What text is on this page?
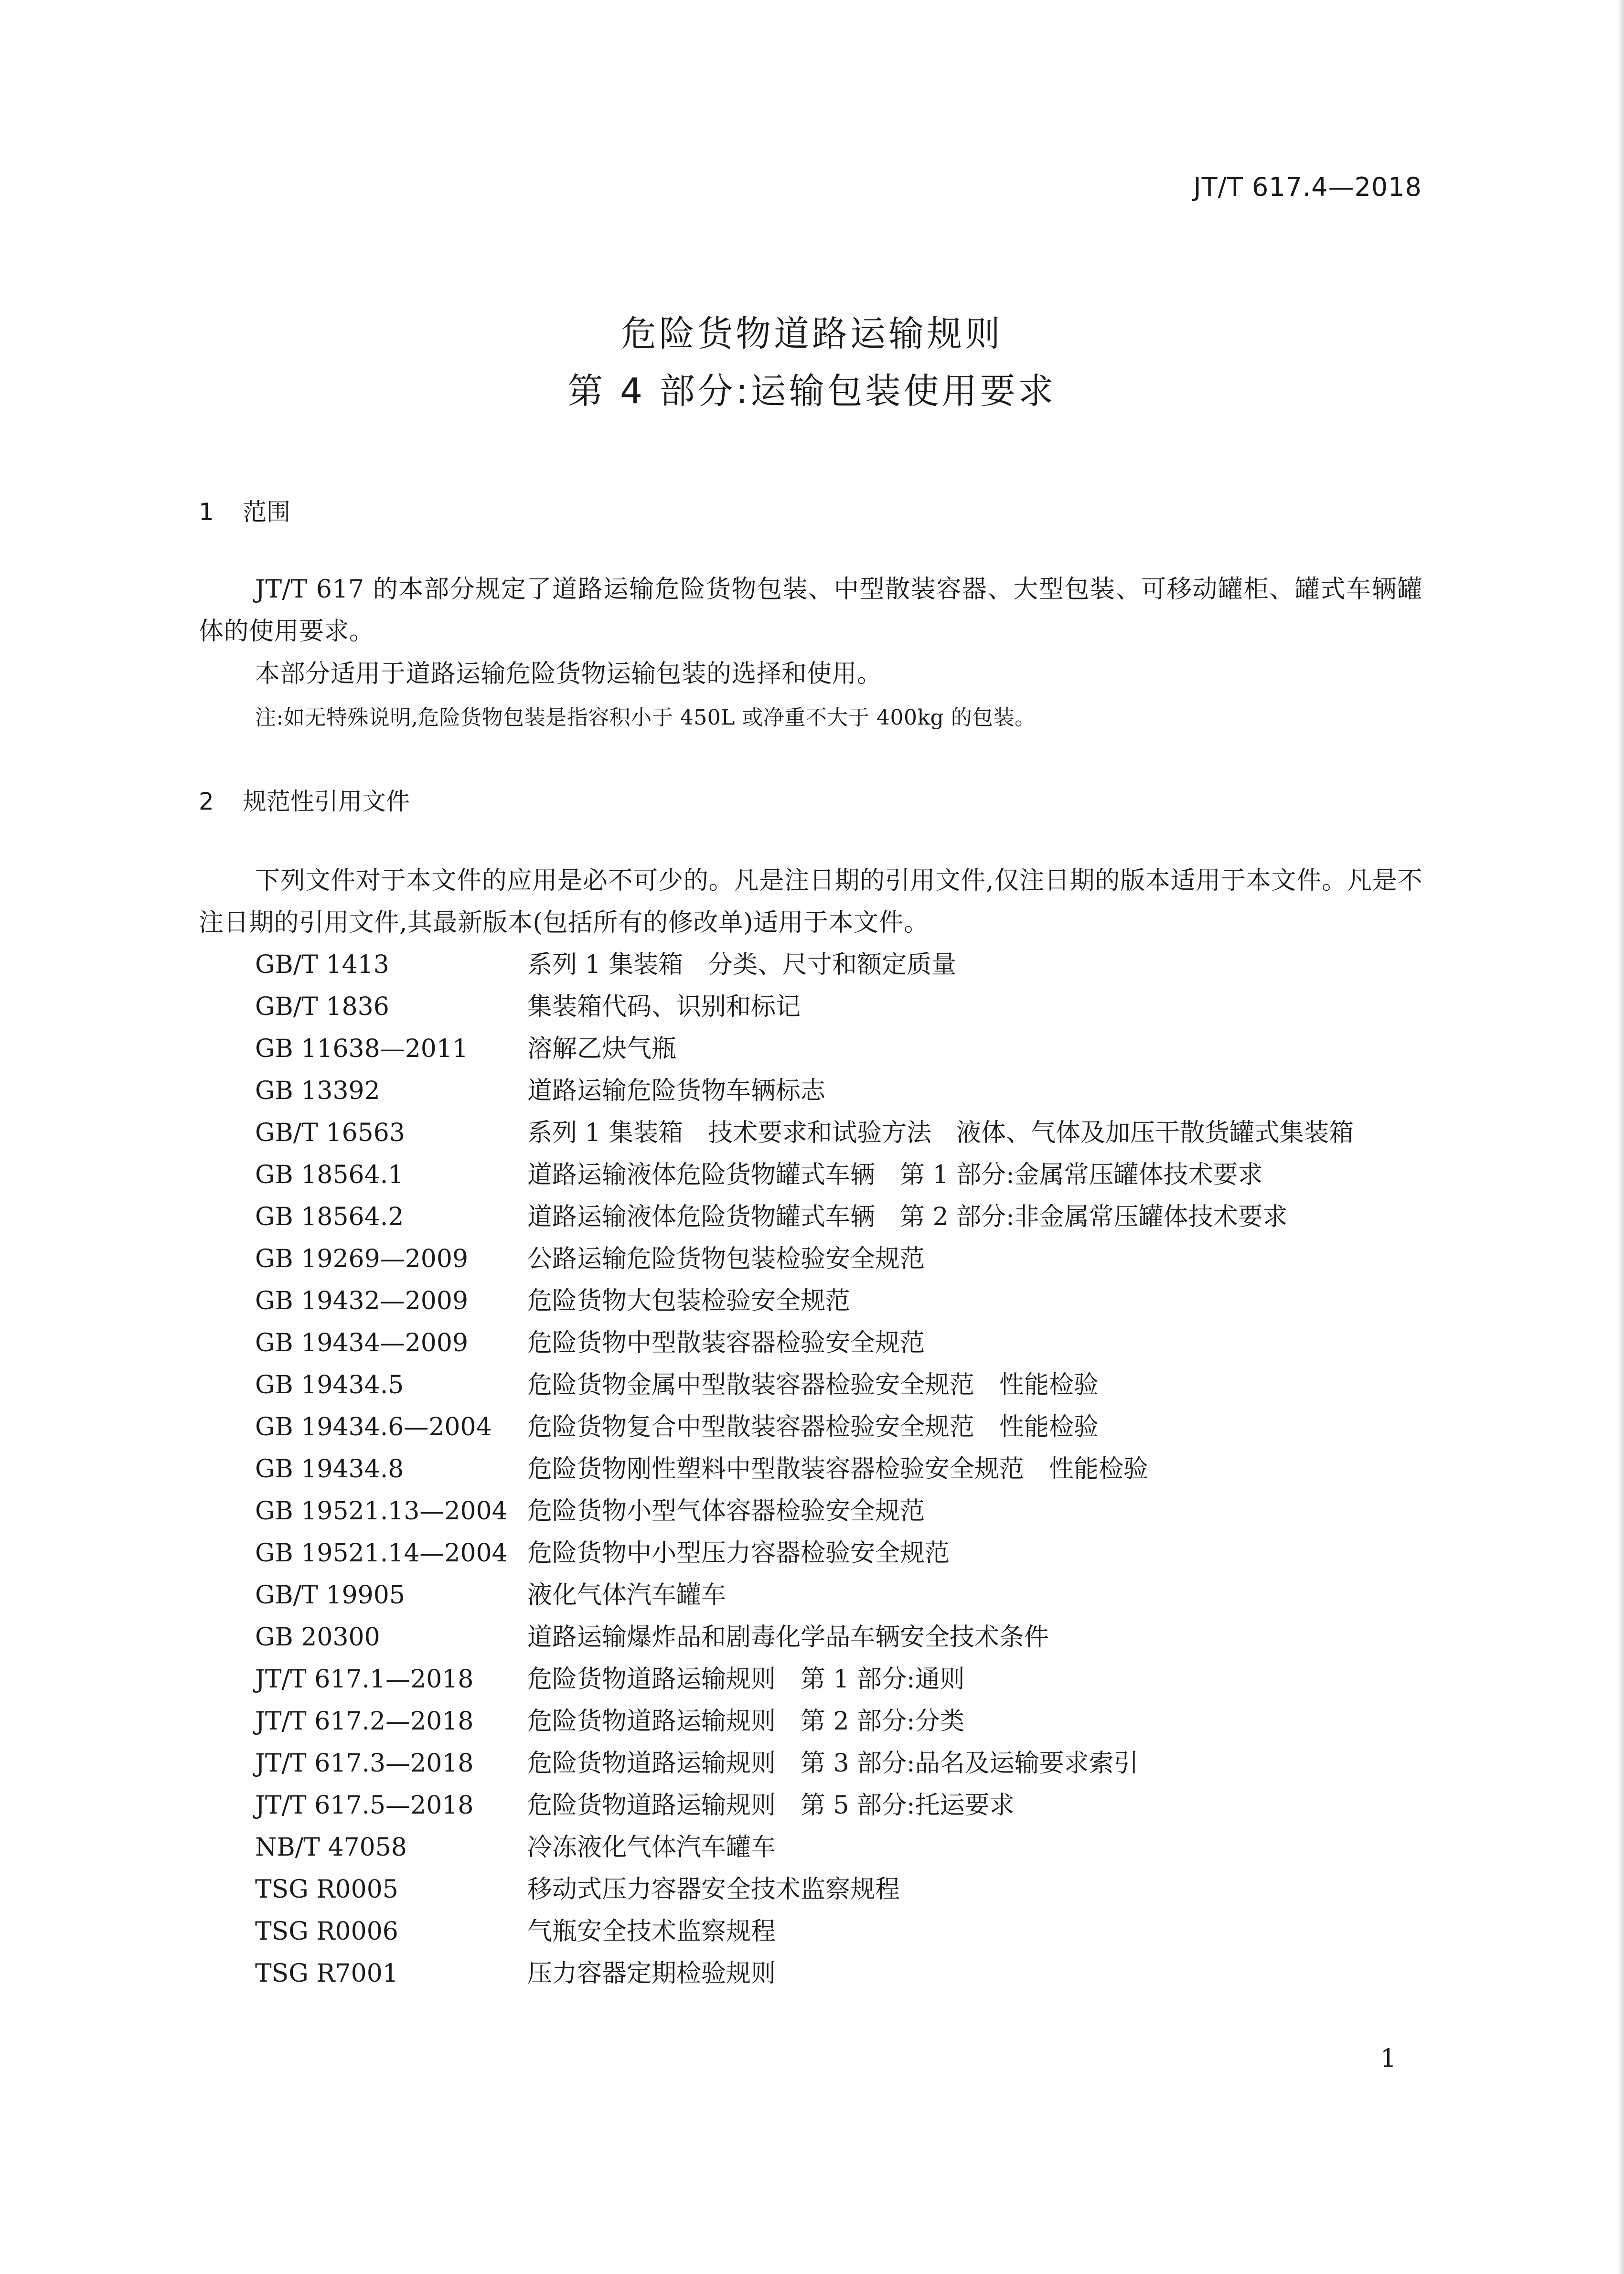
JT/T 617.4—2018
危险货物道路运输规则
第 4 部分:运输包装使用要求
1 范围
JT/T 617 的本部分规定了道路运输危险货物包装、中型散装容器、大型包装、可移动罐柜、罐式车辆罐体的使用要求。
本部分适用于道路运输危险货物运输包装的选择和使用。
注:如无特殊说明,危险货物包装是指容积小于 450L 或净重不大于 400kg 的包装。
2 规范性引用文件
下列文件对于本文件的应用是必不可少的。凡是注日期的引用文件,仅注日期的版本适用于本文件。凡是不注日期的引用文件,其最新版本(包括所有的修改单)适用于本文件。
GB/T 1413	系列 1 集装箱　分类、尺寸和额定质量
GB/T 1836	集装箱代码、识别和标记
GB 11638—2011	溶解乙炔气瓶
GB 13392	道路运输危险货物车辆标志
GB/T 16563	系列 1 集装箱　技术要求和试验方法　液体、气体及加压干散货罐式集装箱
GB 18564.1	道路运输液体危险货物罐式车辆　第 1 部分:金属常压罐体技术要求
GB 18564.2	道路运输液体危险货物罐式车辆　第 2 部分:非金属常压罐体技术要求
GB 19269—2009	公路运输危险货物包装检验安全规范
GB 19432—2009	危险货物大包装检验安全规范
GB 19434—2009	危险货物中型散装容器检验安全规范
GB 19434.5	危险货物金属中型散装容器检验安全规范　性能检验
GB 19434.6—2004	危险货物复合中型散装容器检验安全规范　性能检验
GB 19434.8	危险货物刚性塑料中型散装容器检验安全规范　性能检验
GB 19521.13—2004 危险货物小型气体容器检验安全规范
GB 19521.14—2004 危险货物中小型压力容器检验安全规范
GB/T 19905	液化气体汽车罐车
GB 20300	道路运输爆炸品和剧毒化学品车辆安全技术条件
JT/T 617.1—2018	危险货物道路运输规则　第 1 部分:通则
JT/T 617.2—2018	危险货物道路运输规则　第 2 部分:分类
JT/T 617.3—2018	危险货物道路运输规则　第 3 部分:品名及运输要求索引
JT/T 617.5—2018	危险货物道路运输规则　第 5 部分:托运要求
NB/T 47058	冷冻液化气体汽车罐车
TSG R0005	移动式压力容器安全技术监察规程
TSG R0006	气瓶安全技术监察规程
TSG R7001	压力容器定期检验规则
1
